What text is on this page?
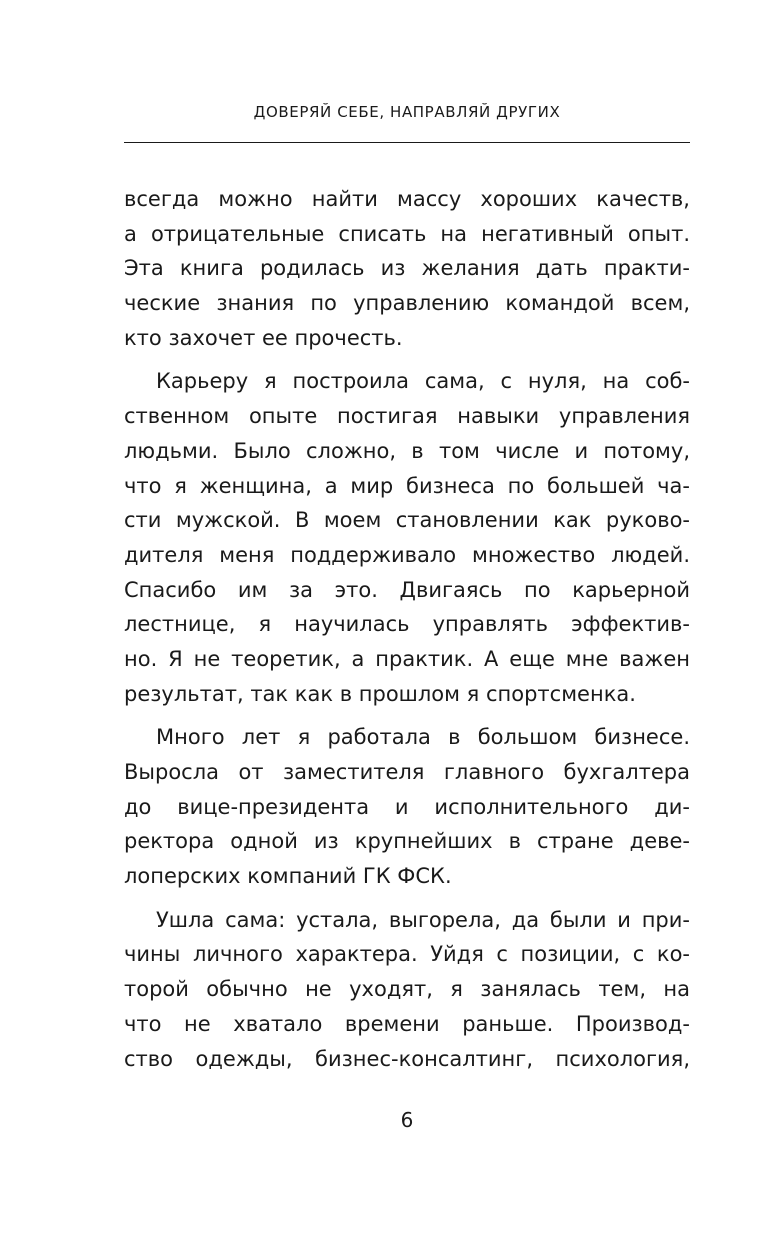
ДОВЕРЯЙ СЕБЕ, НАПРАВЛЯЙ ДРУГИХ
всегда можно найти массу хороших качеств,
а отрицательные списать на негативный опыт.
Эта книга родилась из желания дать практи-
ческие знания по управлению командой всем,
кто захочет ее прочесть.
Карьеру я построила сама, с нуля, на соб-
ственном опыте постигая навыки управления
людьми. Было сложно, в том числе и потому,
что я женщина, а мир бизнеса по большей ча-
сти мужской. В моем становлении как руково-
дителя меня поддерживало множество людей.
Спасибо им за это. Двигаясь по карьерной
лестнице, я научилась управлять эффектив-
но. Я не теоретик, а практик. А еще мне важен
результат, так как в прошлом я спортсменка.
Много лет я работала в большом бизнесе.
Выросла от заместителя главного бухгалтера
до вице-президента и исполнительного ди-
ректора одной из крупнейших в стране деве-
лоперских компаний ГК ФСК.
Ушла сама: устала, выгорела, да были и при-
чины личного характера. Уйдя с позиции, с ко-
торой обычно не уходят, я занялась тем, на
что не хватало времени раньше. Производ-
ство одежды, бизнес-консалтинг, психология,
6
